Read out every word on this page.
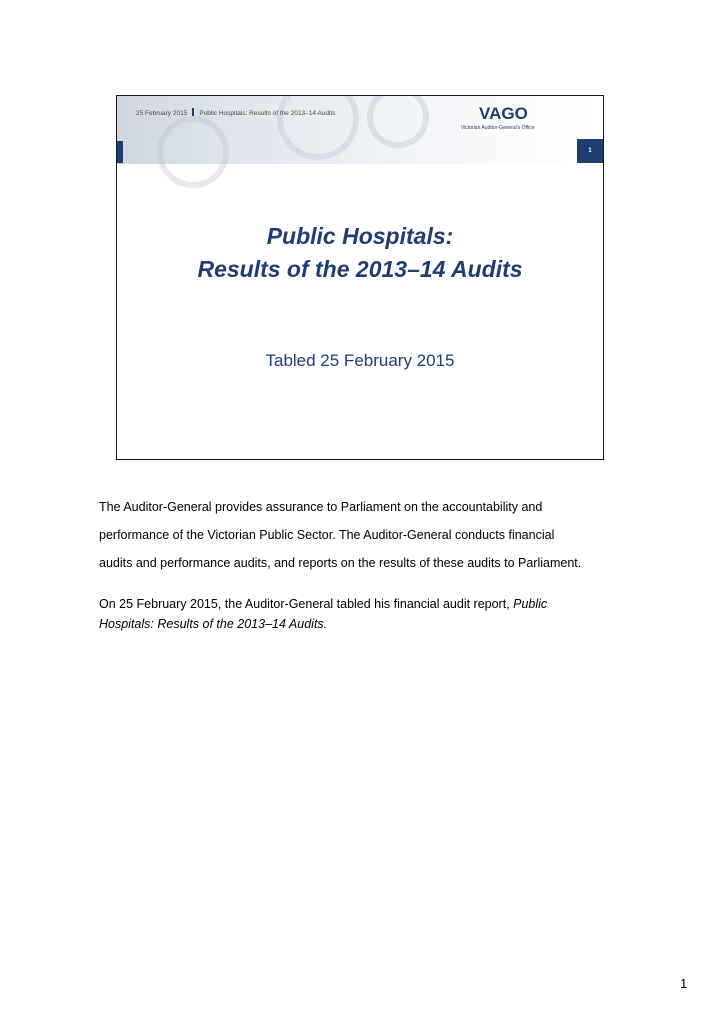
25 February 2015 Public Hospitals: Results of the 2013–14 Audits	VAGO
Victorian Auditor-General's Office
1
Public Hospitals:
Results of the 2013–14 Audits
Tabled 25 February 2015
The Auditor-General provides assurance to Parliament on the accountability and
performance of the Victorian Public Sector. The Auditor-General conducts financial
audits and performance audits, and reports on the results of these audits to Parliament.
On 25 February 2015, the Auditor-General tabled his financial audit report, Public
Hospitals: Results of the 2013–14 Audits.
1
